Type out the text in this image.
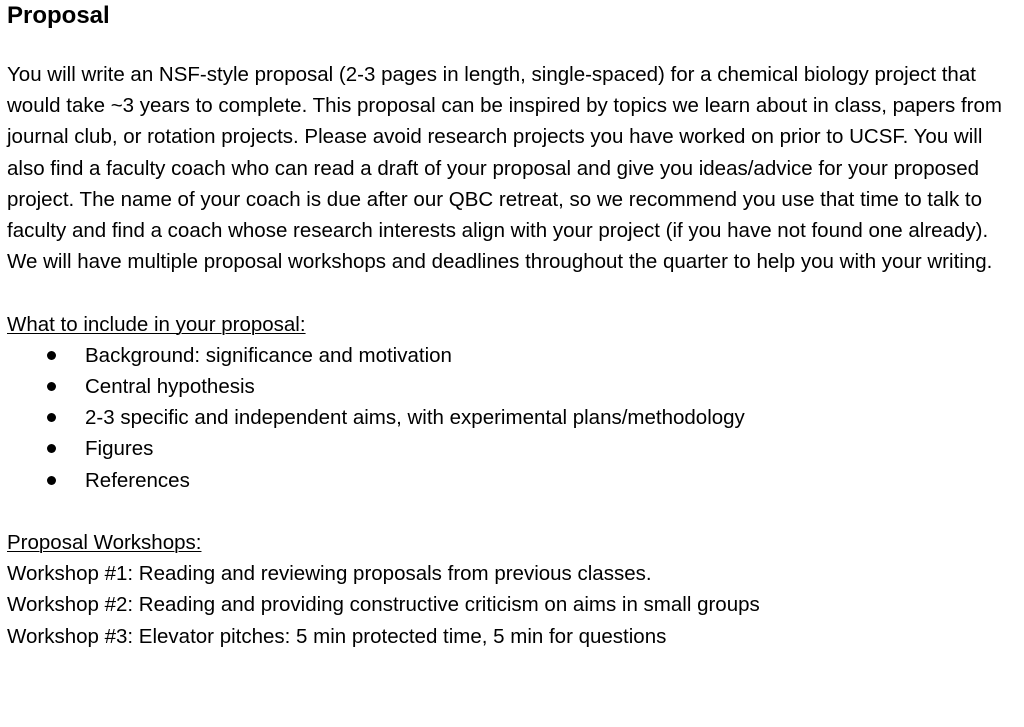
Proposal

You will write an NSF-style proposal (2-3 pages in length, single-spaced) for a chemical biology project that would take ~3 years to complete. This proposal can be inspired by topics we learn about in class, papers from journal club, or rotation projects. Please avoid research projects you have worked on prior to UCSF. You will also find a faculty coach who can read a draft of your proposal and give you ideas/advice for your proposed project. The name of your coach is due after our QBC retreat, so we recommend you use that time to talk to faculty and find a coach whose research interests align with your project (if you have not found one already). We will have multiple proposal workshops and deadlines throughout the quarter to help you with your writing.

What to include in your proposal:

Background: significance and motivation
Central hypothesis
2-3 specific and independent aims, with experimental plans/methodology
Figures
References

Proposal Workshops:

Workshop #1: Reading and reviewing proposals from previous classes.

Workshop #2: Reading and providing constructive criticism on aims in small groups

Workshop #3: Elevator pitches: 5 min protected time, 5 min for questions
